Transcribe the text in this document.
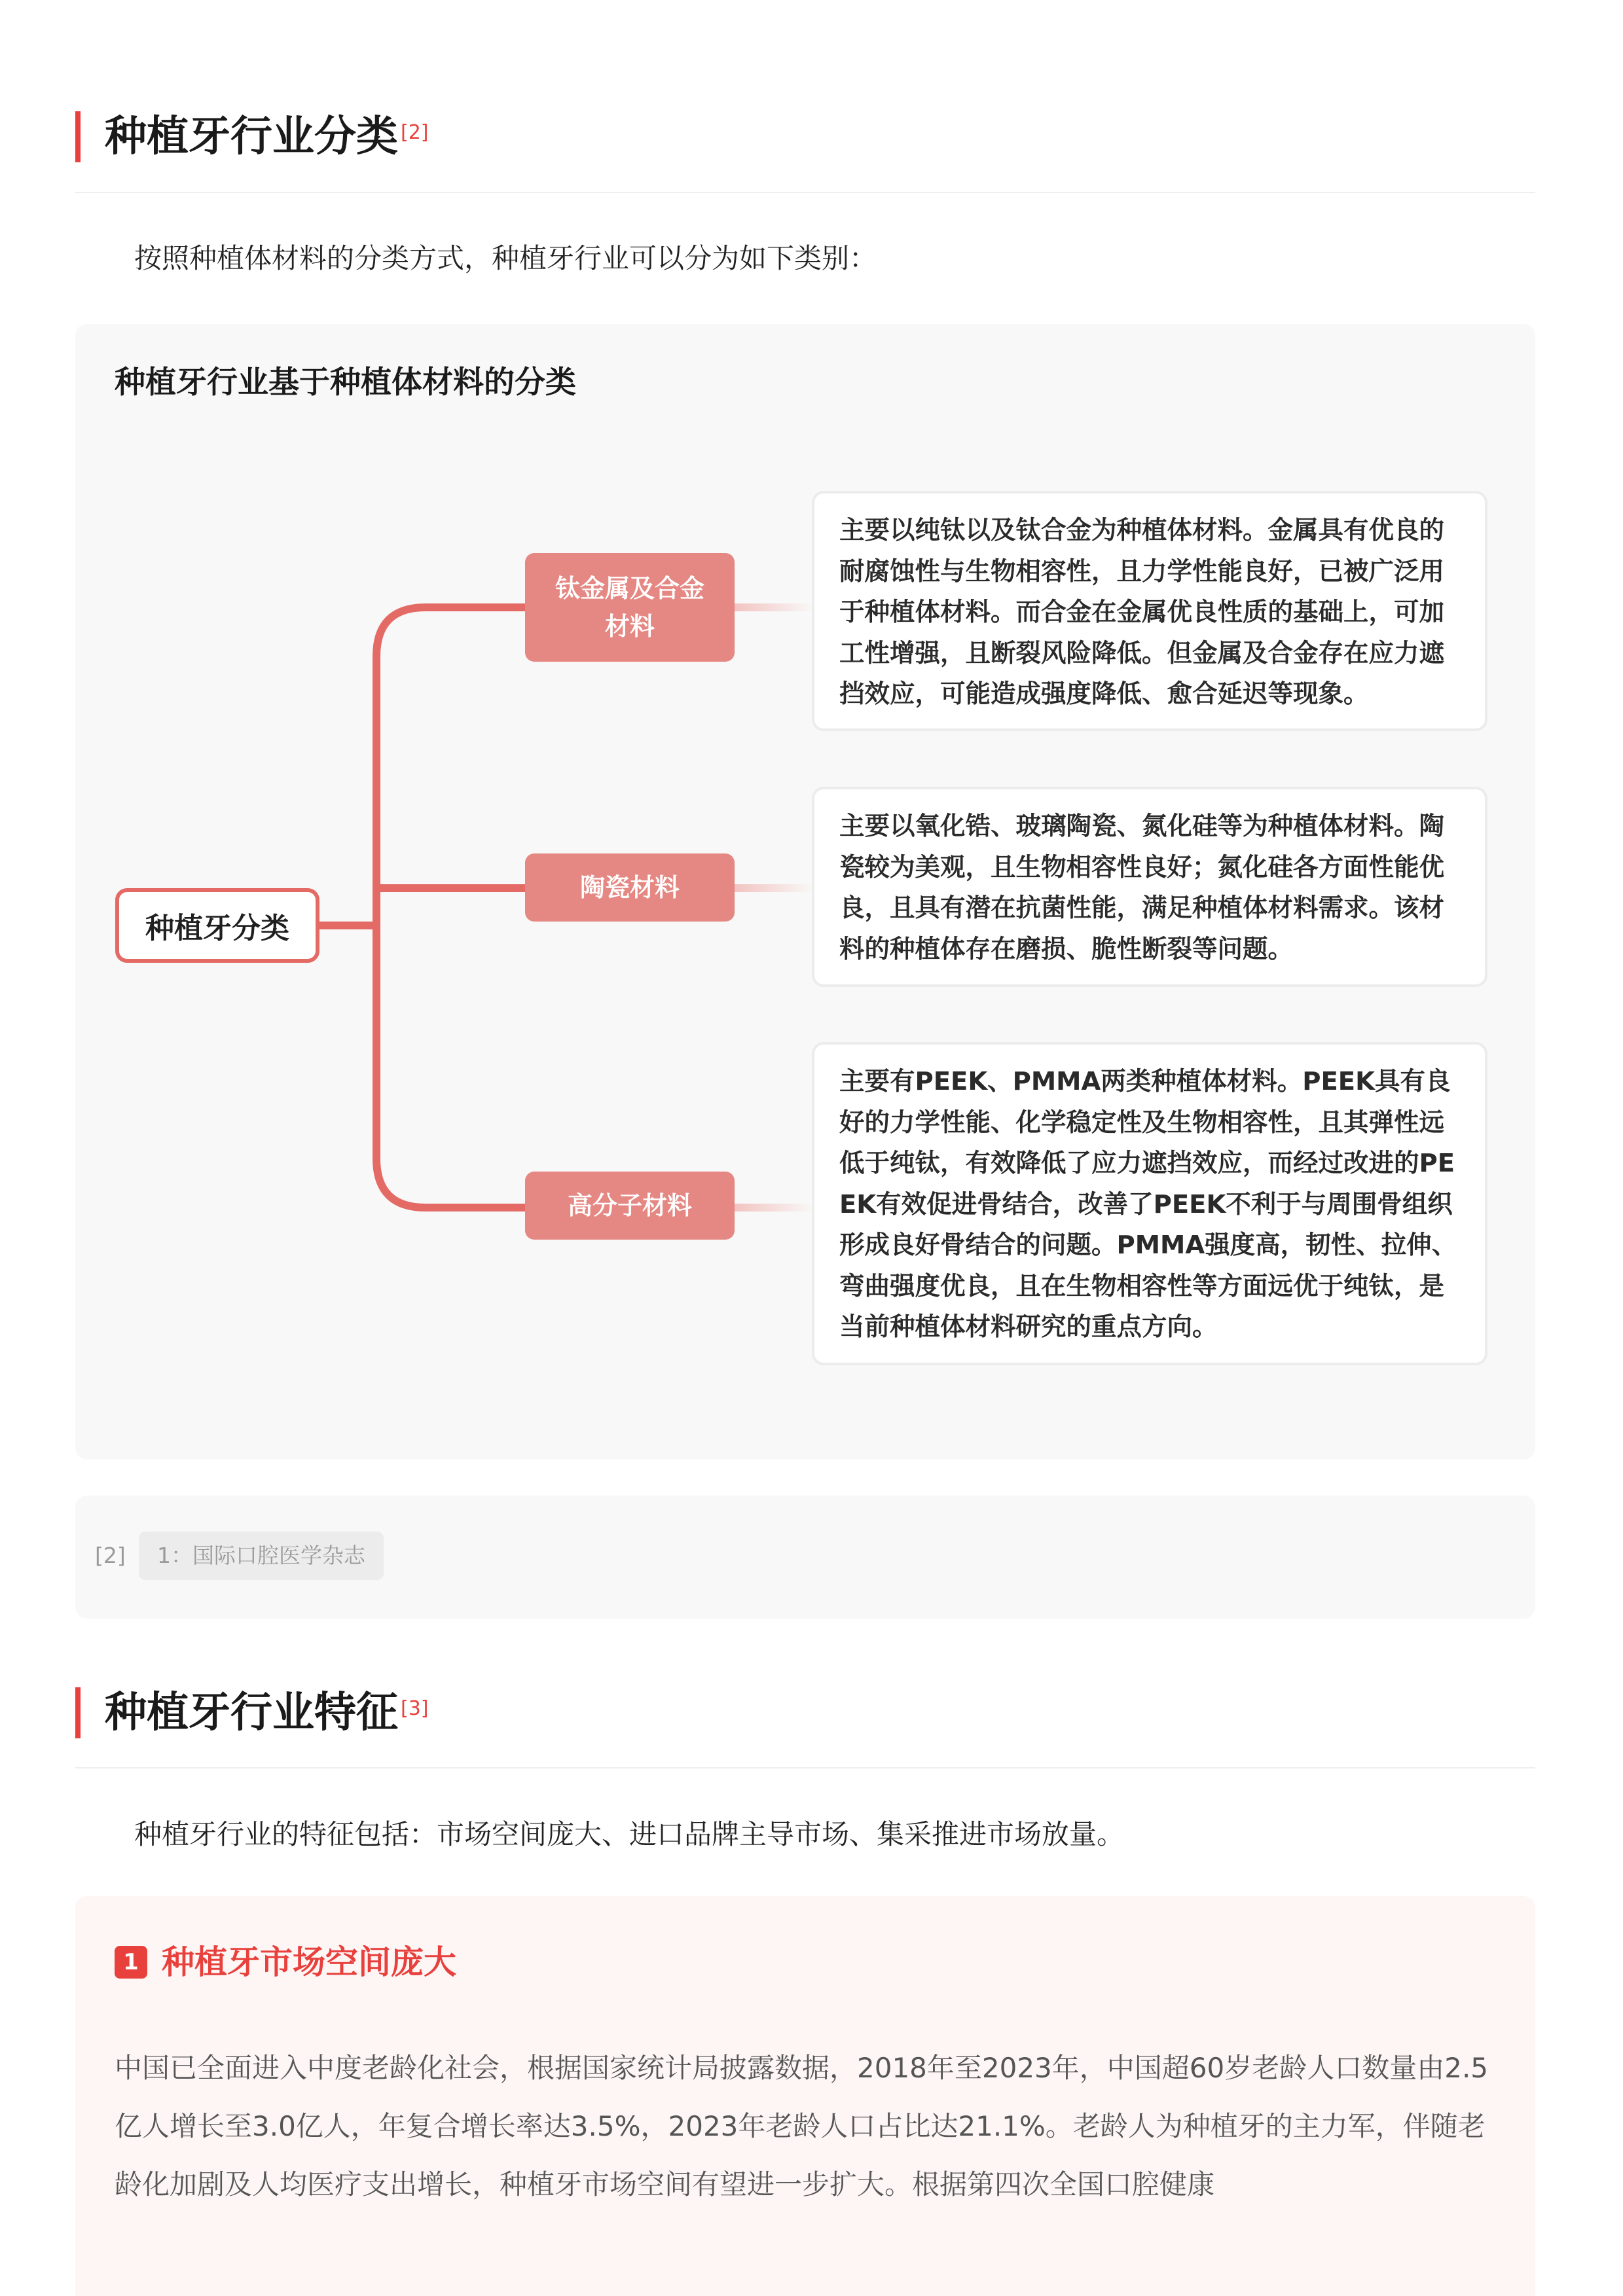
种植牙行业分类 [2]
按照种植体材料的分类方式，种植牙行业可以分为如下类别：
种植牙行业基于种植体材料的分类
种植牙分类
钛金属及合金
材料
陶瓷材料
高分子材料
主要以纯钛以及钛合金为种植体材料。金属具有优良的耐腐蚀性与生物相容性，且力学性能良好，已被广泛用于种植体材料。而合金在金属优良性质的基础上，可加工性增强，且断裂风险降低。但金属及合金存在应力遮挡效应，可能造成强度降低、愈合延迟等现象。
主要以氧化锆、玻璃陶瓷、氮化硅等为种植体材料。陶瓷较为美观，且生物相容性良好；氮化硅各方面性能优良，且具有潜在抗菌性能，满足种植体材料需求。该材料的种植体存在磨损、脆性断裂等问题。
主要有PEEK、PMMA两类种植体材料。PEEK具有良好的力学性能、化学稳定性及生物相容性，且其弹性远低于纯钛，有效降低了应力遮挡效应，而经过改进的PEEK有效促进骨结合，改善了PEEK不利于与周围骨组织形成良好骨结合的问题。PMMA强度高，韧性、拉伸、弯曲强度优良，且在生物相容性等方面远优于纯钛，是当前种植体材料研究的重点方向。
[2]	1：国际口腔医学杂志
种植牙行业特征 [3]
种植牙行业的特征包括：市场空间庞大、进口品牌主导市场、集采推进市场放量。
1 种植牙市场空间庞大
中国已全面进入中度老龄化社会，根据国家统计局披露数据，2018年至2023年，中国超60岁老龄人口数量由2.5亿人增长至3.0亿人，年复合增长率达3.5%，2023年老龄人口占比达21.1%。老龄人为种植牙的主力军，伴随老龄化加剧及人均医疗支出增长，种植牙市场空间有望进一步扩大。根据第四次全国口腔健康
